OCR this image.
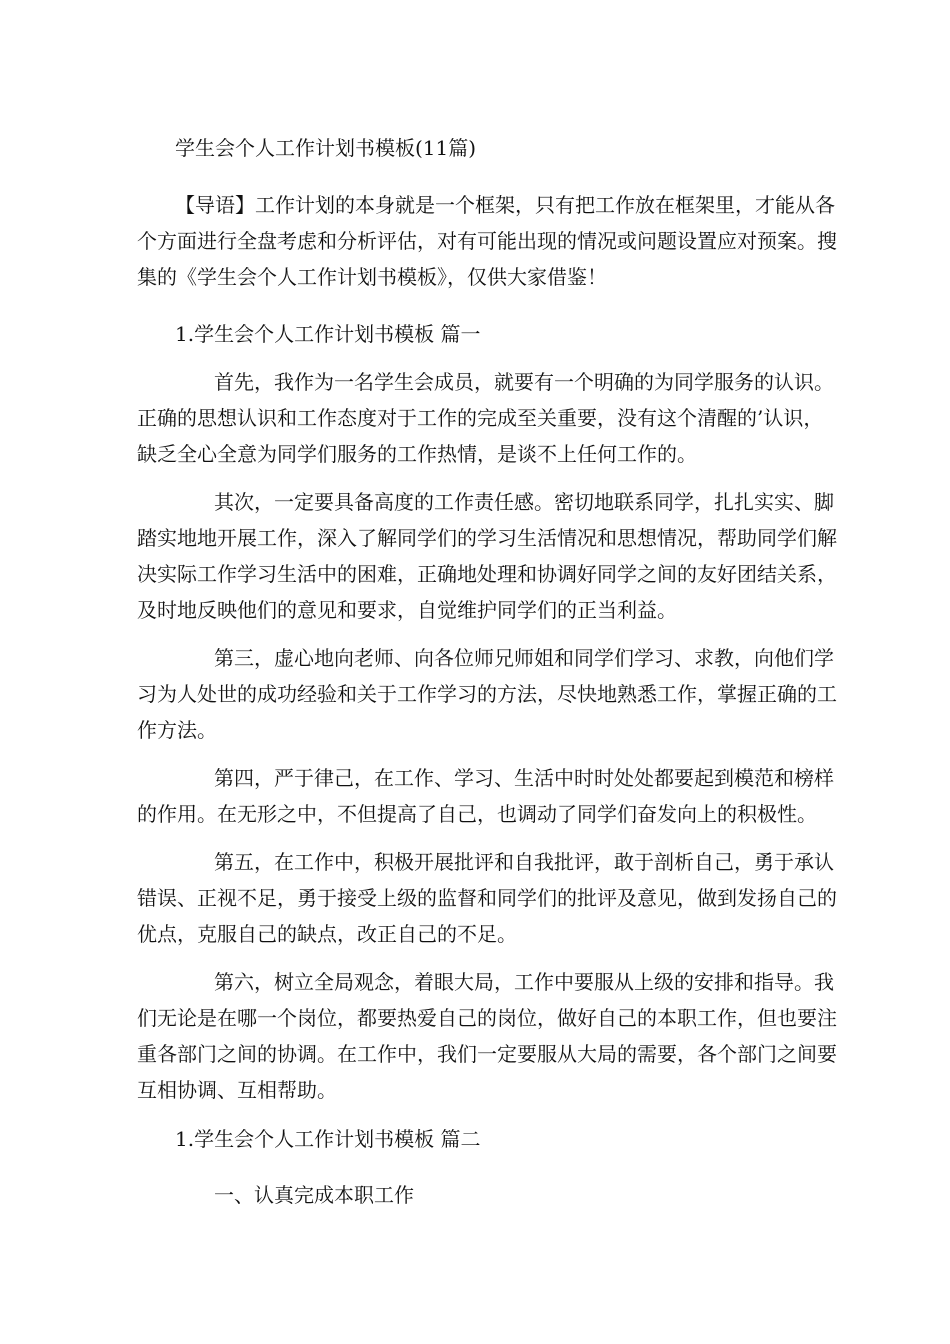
学生会个人工作计划书模板(11篇)
【导语】工作计划的本身就是一个框架，只有把工作放在框架里，才能从各
个方面进行全盘考虑和分析评估，对有可能出现的情况或问题设置应对预案。搜
集的《学生会个人工作计划书模板》，仅供大家借鉴！
1.学生会个人工作计划书模板 篇一
首先，我作为一名学生会成员，就要有一个明确的为同学服务的认识。
正确的思想认识和工作态度对于工作的完成至关重要，没有这个清醒的’认识，
缺乏全心全意为同学们服务的工作热情，是谈不上任何工作的。
其次，一定要具备高度的工作责任感。密切地联系同学，扎扎实实、脚
踏实地地开展工作，深入了解同学们的学习生活情况和思想情况，帮助同学们解
决实际工作学习生活中的困难，正确地处理和协调好同学之间的友好团结关系，
及时地反映他们的意见和要求，自觉维护同学们的正当利益。
第三，虚心地向老师、向各位师兄师姐和同学们学习、求教，向他们学
习为人处世的成功经验和关于工作学习的方法，尽快地熟悉工作，掌握正确的工
作方法。
第四，严于律己，在工作、学习、生活中时时处处都要起到模范和榜样
的作用。在无形之中，不但提高了自己，也调动了同学们奋发向上的积极性。
第五，在工作中，积极开展批评和自我批评，敢于剖析自己，勇于承认
错误、正视不足，勇于接受上级的监督和同学们的批评及意见，做到发扬自己的
优点，克服自己的缺点，改正自己的不足。
第六，树立全局观念，着眼大局，工作中要服从上级的安排和指导。我
们无论是在哪一个岗位，都要热爱自己的岗位，做好自己的本职工作，但也要注
重各部门之间的协调。在工作中，我们一定要服从大局的需要，各个部门之间要
互相协调、互相帮助。
1.学生会个人工作计划书模板 篇二
一、认真完成本职工作
